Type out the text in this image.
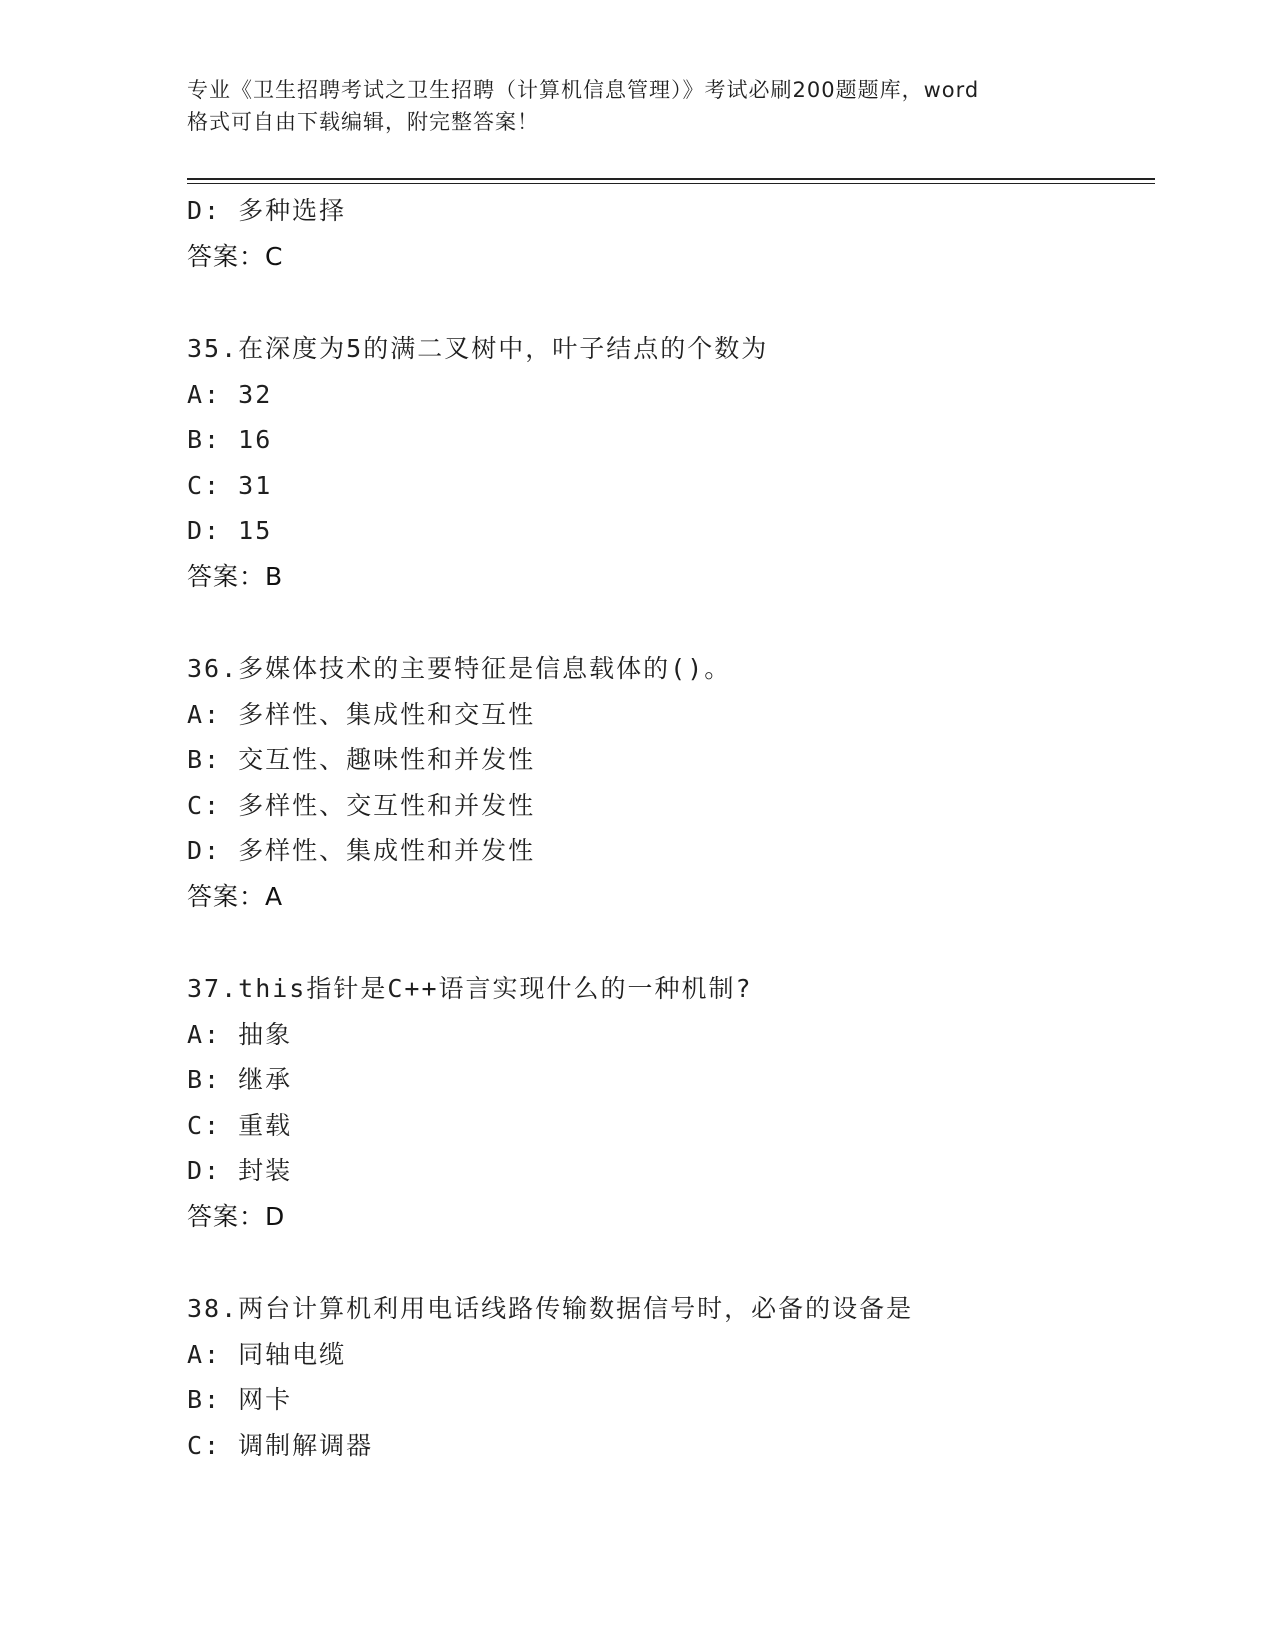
专业《卫生招聘考试之卫生招聘（计算机信息管理）》考试必刷200题题库，word
格式可自由下载编辑，附完整答案！
D: 多种选择
答案：C
35.在深度为5的满二叉树中，叶子结点的个数为
A: 32
B: 16
C: 31
D: 15
答案：B
36.多媒体技术的主要特征是信息载体的()。
A: 多样性、集成性和交互性
B: 交互性、趣味性和并发性
C: 多样性、交互性和并发性
D: 多样性、集成性和并发性
答案：A
37.this指针是C++语言实现什么的一种机制?
A: 抽象
B: 继承
C: 重载
D: 封装
答案：D
38.两台计算机利用电话线路传输数据信号时，必备的设备是
A: 同轴电缆
B: 网卡
C: 调制解调器
